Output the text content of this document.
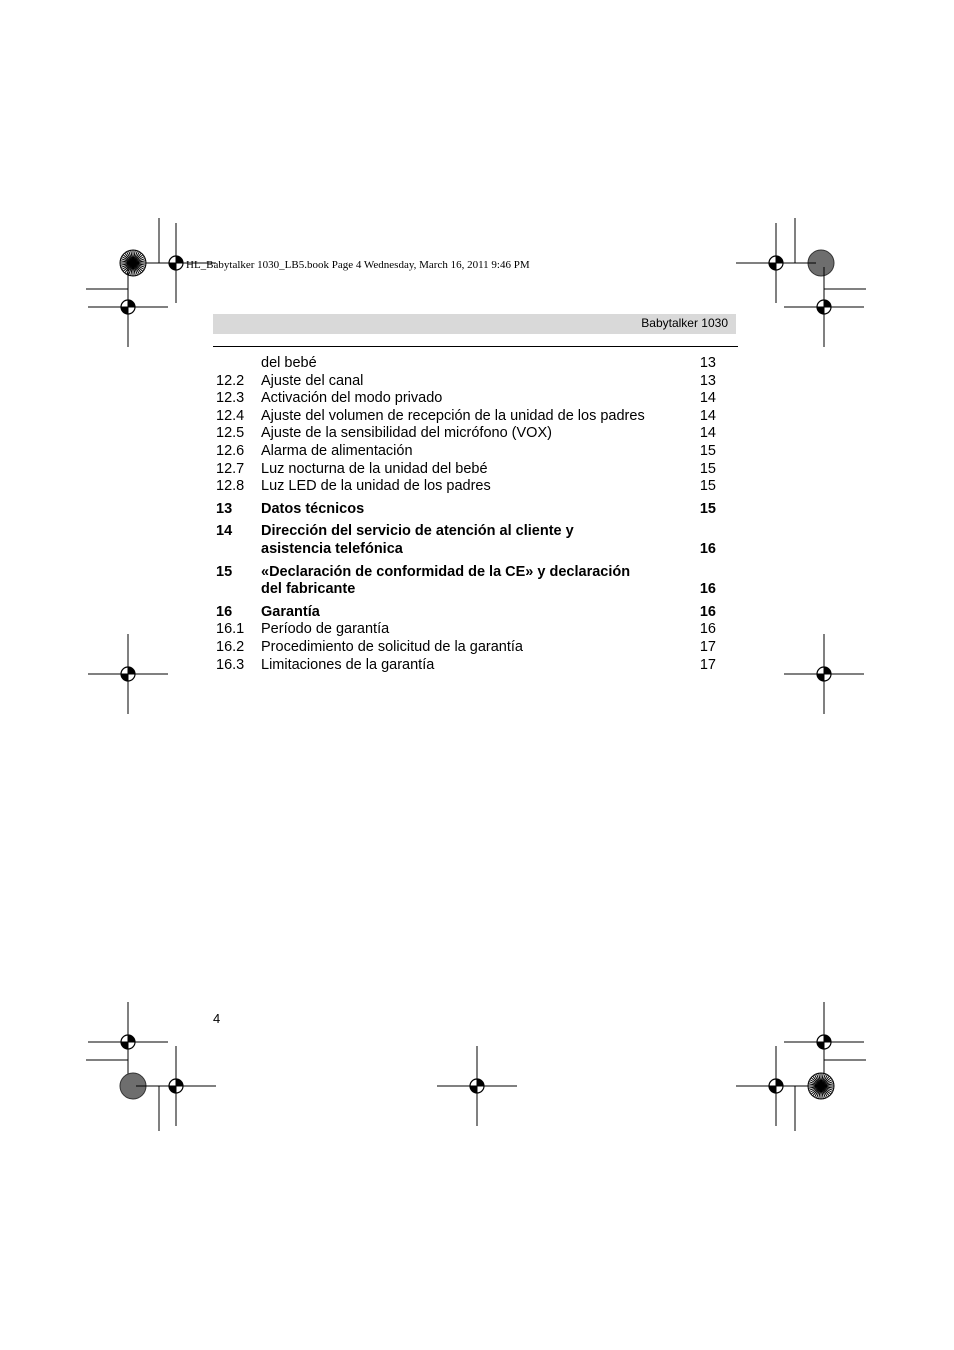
HL_Babytalker 1030_LB5.book Page 4 Wednesday, March 16, 2011 9:46 PM
Babytalker 1030
del bebé	13
12.2	Ajuste del canal	13
12.3	Activación del modo privado	14
12.4	Ajuste del volumen de recepción de la unidad de los padres	14
12.5	Ajuste de la sensibilidad del micrófono (VOX)	14
12.6	Alarma de alimentación	15
12.7	Luz nocturna de la unidad del bebé	15
12.8	Luz LED de la unidad de los padres	15
13	Datos técnicos	15
14	Dirección del servicio de atención al cliente y asistencia telefónica	16
15	«Declaración de conformidad de la CE» y declaración del fabricante	16
16	Garantía	16
16.1	Período de garantía	16
16.2	Procedimiento de solicitud de la garantía	17
16.3	Limitaciones de la garantía	17
4
